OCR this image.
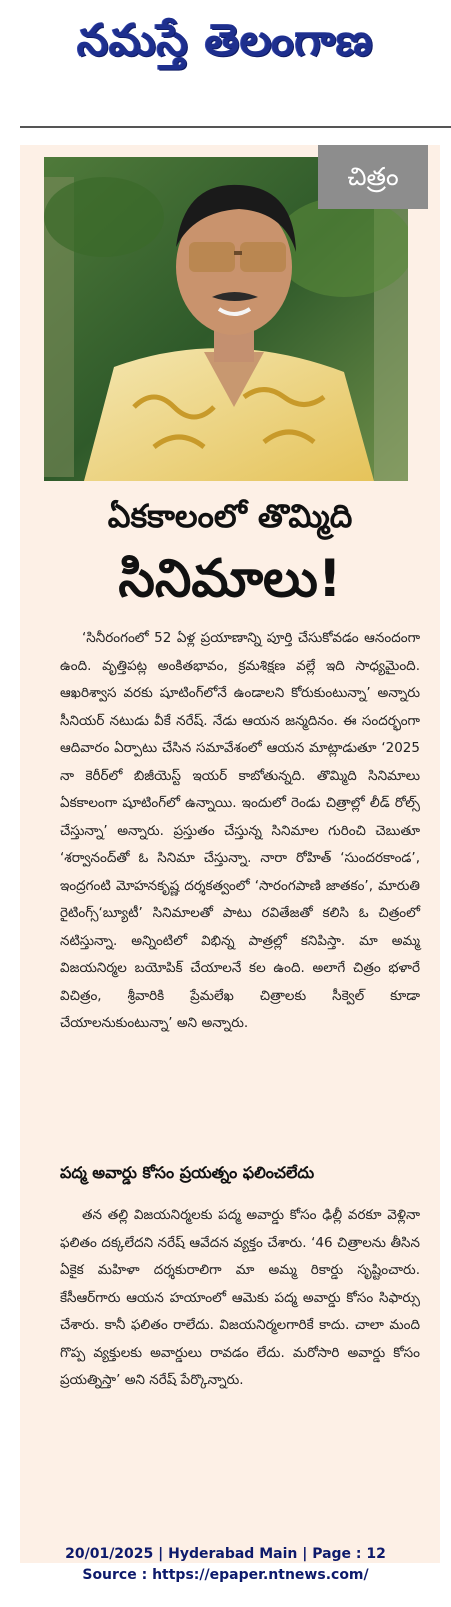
నమస్తే తెలంగాణ
చిత్రం
ఏకకాలంలో తొమ్మిది
సినిమాలు!
‘సినీరంగంలో 52 ఏళ్ల ప్రయాణాన్ని పూర్తి చేసుకోవడం ఆనందంగా ఉంది. వృత్తిపట్ల అంకితభావం, క్రమశిక్షణ వల్లే ఇది సాధ్యమైంది. ఆఖరిశ్వాస వరకు షూటింగ్‌లోనే ఉండాలని కోరుకుంటున్నా’ అన్నారు సీనియర్ నటుడు వీకే నరేష్. నేడు ఆయన జన్మదినం. ఈ సందర్భంగా ఆదివారం ఏర్పాటు చేసిన సమావేశంలో ఆయన మాట్లాడుతూ ‘2025 నా కెరీర్‌లో బిజీయెస్ట్ ఇయర్ కాబోతున్నది. తొమ్మిది సినిమాలు ఏకకాలంగా షూటింగ్‌లో ఉన్నాయి. ఇందులో రెండు చిత్రాల్లో లీడ్ రోల్స్ చేస్తున్నా’ అన్నారు. ప్రస్తుతం చేస్తున్న సినిమాల గురించి చెబుతూ ‘శర్వానంద్‌తో ఓ సినిమా చేస్తున్నా. నారా రోహిత్ ‘సుందరకాండ’, ఇంద్రగంటి మోహనకృష్ణ దర్శకత్వంలో ‘సారంగపాణి జాతకం’, మారుతి రైటింగ్స్‘బ్యూటీ’ సినిమాలతో పాటు రవితేజతో కలిసి ఓ చిత్రంలో నటిస్తున్నా. అన్నింటిలో విభిన్న పాత్రల్లో కనిపిస్తా. మా అమ్మ విజయనిర్మల బయోపిక్ చేయాలనే కల ఉంది. అలాగే చిత్రం భళారే విచిత్రం, శ్రీవారికి ప్రేమలేఖ చిత్రాలకు సీక్వెల్ కూడా చేయాలనుకుంటున్నా’ అని అన్నారు.
పద్మ అవార్డు కోసం ప్రయత్నం ఫలించలేదు
తన తల్లి విజయనిర్మలకు పద్మ అవార్డు కోసం ఢిల్లీ వరకూ వెళ్లినా ఫలితం దక్కలేదని నరేష్ ఆవేదన వ్యక్తం చేశారు. ‘46 చిత్రాలను తీసిన ఏకైక మహిళా దర్శకురాలిగా మా అమ్మ రికార్డు సృష్టించారు. కేసీఆర్‌గారు ఆయన హయాంలో ఆమెకు పద్మ అవార్డు కోసం సిఫార్సు చేశారు. కానీ ఫలితం రాలేదు. విజయనిర్మలగారికే కాదు. చాలా మంది గొప్ప వ్యక్తులకు అవార్డులు రావడం లేదు. మరోసారి అవార్డు కోసం ప్రయత్నిస్తా’ అని నరేష్ పేర్కొన్నారు.
20/01/2025 | Hyderabad Main | Page : 12
Source : https://epaper.ntnews.com/
